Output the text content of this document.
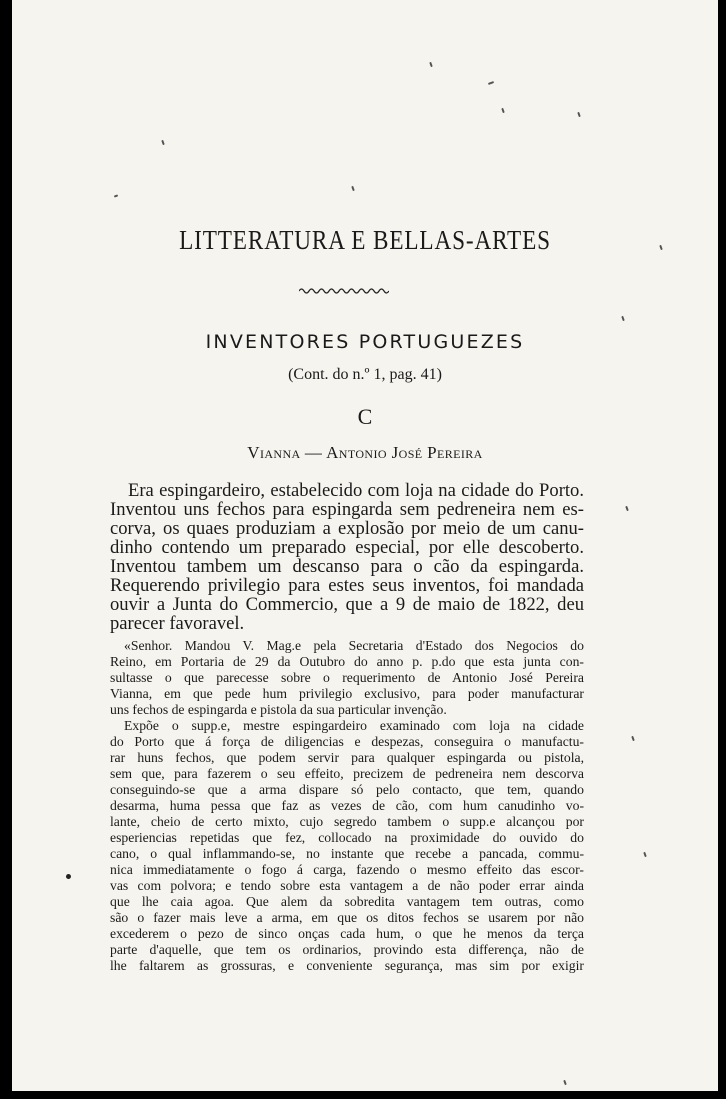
LITTERATURA E BELLAS-ARTES
INVENTORES PORTUGUEZES
(Cont. do n.º 1, pag. 41)
C
Vianna — Antonio José Pereira

Era espingardeiro, estabelecido com loja na cidade do Porto.

Inventou uns fechos para espingarda sem pedreneira nem es-

corva, os quaes produziam a explosão por meio de um canu-

dinho contendo um preparado especial, por elle descoberto.

Inventou tambem um descanso para o cão da espingarda.

Requerendo privilegio para estes seus inventos, foi mandada

ouvir a Junta do Commercio, que a 9 de maio de 1822, deu

parecer favoravel.

«Senhor. Mandou V. Mag.e pela Secretaria d'Estado dos Negocios do

Reino, em Portaria de 29 da Outubro do anno p. p.do que esta junta con-

sultasse o que parecesse sobre o requerimento de Antonio José Pereira

Vianna, em que pede hum privilegio exclusivo, para poder manufacturar

uns fechos de espingarda e pistola da sua particular invenção.

Expõe o supp.e, mestre espingardeiro examinado com loja na cidade

do Porto que á força de diligencias e despezas, conseguira o manufactu-

rar huns fechos, que podem servir para qualquer espingarda ou pistola,

sem que, para fazerem o seu effeito, precizem de pedreneira nem descorva

conseguindo-se que a arma dispare só pelo contacto, que tem, quando

desarma, huma pessa que faz as vezes de cão, com hum canudinho vo-

lante, cheio de certo mixto, cujo segredo tambem o supp.e alcançou por

esperiencias repetidas que fez, collocado na proximidade do ouvido do

cano, o qual inflammando-se, no instante que recebe a pancada, commu-

nica immediatamente o fogo á carga, fazendo o mesmo effeito das escor-

vas com polvora; e tendo sobre esta vantagem a de não poder errar ainda

que lhe caia agoa. Que alem da sobredita vantagem tem outras, como

são o fazer mais leve a arma, em que os ditos fechos se usarem por não

excederem o pezo de sinco onças cada hum, o que he menos da terça

parte d'aquelle, que tem os ordinarios, provindo esta differença, não de

lhe faltarem as grossuras, e conveniente segurança, mas sim por exigir
